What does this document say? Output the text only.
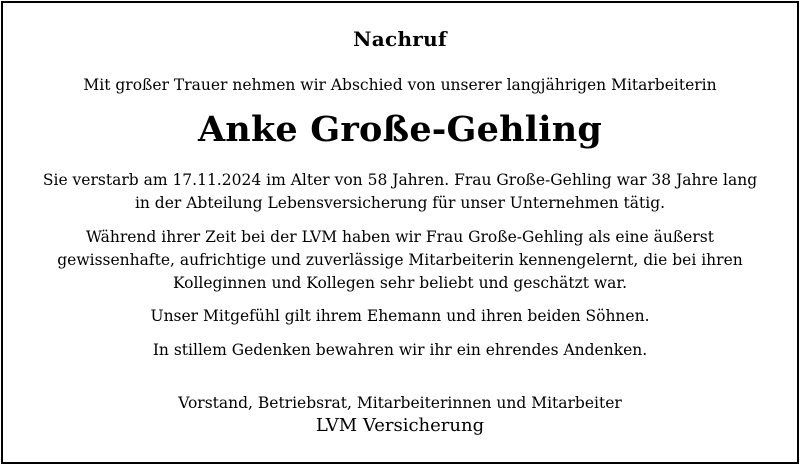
Nachruf
Mit großer Trauer nehmen wir Abschied von unserer langjährigen Mitarbeiterin
Anke Große-Gehling
Sie verstarb am 17.11.2024 im Alter von 58 Jahren. Frau Große-Gehling war 38 Jahre lang
in der Abteilung Lebensversicherung für unser Unternehmen tätig.
Während ihrer Zeit bei der LVM haben wir Frau Große-Gehling als eine äußerst
gewissenhafte, aufrichtige und zuverlässige Mitarbeiterin kennengelernt, die bei ihren
Kolleginnen und Kollegen sehr beliebt und geschätzt war.
Unser Mitgefühl gilt ihrem Ehemann und ihren beiden Söhnen.
In stillem Gedenken bewahren wir ihr ein ehrendes Andenken.
Vorstand, Betriebsrat, Mitarbeiterinnen und Mitarbeiter
LVM Versicherung
